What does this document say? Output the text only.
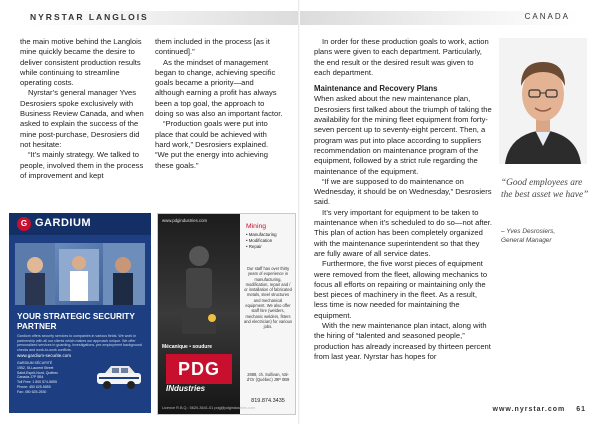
NYRSTAR LANGLOIS

the main motive behind the Langlois mine quickly became the desire to deliver consistent production results while continuing to streamline operating costs.

Nyrstar’s general manager Yves Desrosiers spoke exclusively with Business Review Canada, and when asked to explain the success of the mine post-purchase, Desrosiers did not hesitate:

“It’s mainly strategy. We talked to people, involved them in the process of improvement and kept

them included in the process [as it continued].”

As the mindset of management began to change, achieving specific goals became a priority—and although earning a profit has always been a top goal, the approach to doing so was also an important factor.

“Production goals were put into place that could be achieved with hard work,” Desrosiers explained. “We put the energy into achieving these goals.”

G GARDIUM
YOUR STRATEGIC SECURITY PARTNER
Gardium offers security services to companies in various fields. We work in partnership with all our clients which makes our approach unique. We offer personalized services in guarding, investigations, pre-employment background checks and work-to-work conflicts.
www.gardium-securite.com
GARDIUM SÉCURITÉ
1952, St-Laurent Street
Saint-Esprit-Nord, Québec
Canada J7P 5B4
Toll Free: 1 800 574-5855
Phone: 450 625-5855
Fax: 450 625-2530
www.pdgindustries.com
Mining
• Manufacturing
• Modification
• Repair
Our staff has over thirty years of experience in manufacturing, modification, repair and / or installation of fabricated metals, steel structures and mechanical equipment. We also offer staff hire (welders, mechanic welders, fitters and electrician) for various jobs.
Mécanique • soudure
PDG
INdustries
2888, ch. Sullivan, Val-d’Or (Québec) J9P 0B9
819.874.3435
Licence R.B.Q.: 5620-3641-01 pdg@pdgindustries.com
CANADA

In order for these production goals to work, action plans were given to each department. Particularly, the end result or the desired result was given to each department.

Maintenance and Recovery Plans

When asked about the new maintenance plan, Desrosiers first talked about the triumph of taking the availability for the mining fleet equipment from forty-seven percent up to seventy-eight percent. Then, a program was put into place according to suppliers recommendation on maintenance program of the equipment, followed by a strict rule regarding the maintenance of the equipment.

“If we are supposed to do maintenance on Wednesday, it should be on Wednesday,” Desrosiers said.

It’s very important for equipment to be taken to maintenance when it’s scheduled to do so—not after. This plan of action has been completely organized with the maintenance superintendent so that they are fully aware of all service dates.

Furthermore, the five worst pieces of equipment were removed from the fleet, allowing mechanics to focus all efforts on repairing or maintaining only the best pieces of machinery in the fleet. As a result, less time is now needed for maintaining the equipment.

With the new maintenance plan intact, along with the hiring of “talented and seasoned people,” production has already increased by thirteen percent from last year. Nyrstar has hopes for

“Good employees are the best asset we have”
– Yves Desrosiers,
General Manager
www.nyrstar.com 61
